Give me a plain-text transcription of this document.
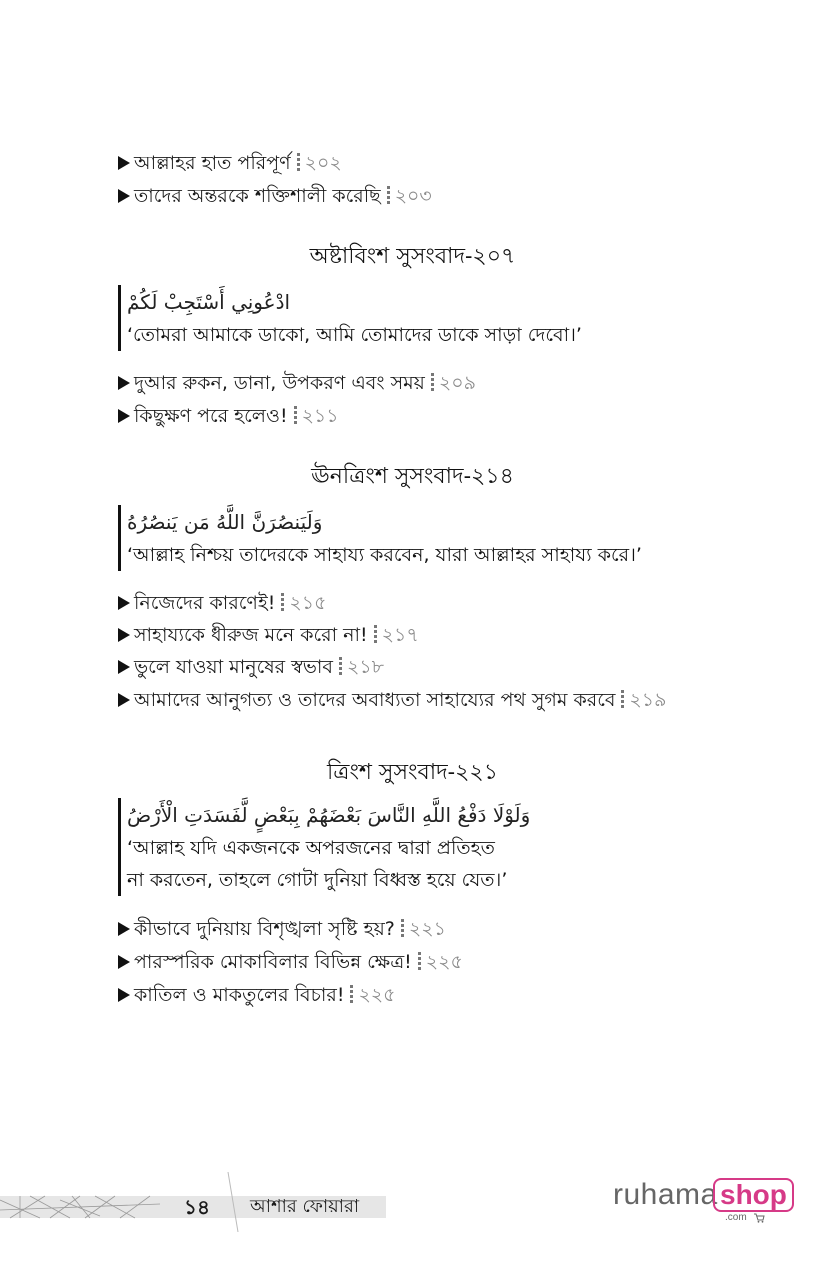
আল্লাহর হাত পরিপূর্ণ ২০২
তাদের অন্তরকে শক্তিশালী করেছি ২০৩
অষ্টাবিংশ সুসংবাদ-২০৭
ادْعُونِي أَسْتَجِبْ لَكُمْ
‘তোমরা আমাকে ডাকো, আমি তোমাদের ডাকে সাড়া দেবো।’
দুআর রুকন, ডানা, উপকরণ এবং সময় ২০৯
কিছুক্ষণ পরে হলেও! ২১১
ঊনত্রিংশ সুসংবাদ-২১৪
وَلَيَنصُرَنَّ اللَّهُ مَن يَنصُرُهُ
‘আল্লাহ নিশ্চয় তাদেরকে সাহায্য করবেন, যারা আল্লাহর সাহায্য করে।’
নিজেদের কারণেই! ২১৫
সাহায্যকে ধীরুজ মনে করো না! ২১৭
ভুলে যাওয়া মানুষের স্বভাব ২১৮
আমাদের আনুগত্য ও তাদের অবাধ্যতা সাহায্যের পথ সুগম করবে ২১৯
ত্রিংশ সুসংবাদ-২২১
وَلَوْلَا دَفْعُ اللَّهِ النَّاسَ بَعْضَهُمْ بِبَعْضٍ لَّفَسَدَتِ الْأَرْضُ
‘আল্লাহ যদি একজনকে অপরজনের দ্বারা প্রতিহত
না করতেন, তাহলে গোটা দুনিয়া বিধ্বস্ত হয়ে যেত।’
কীভাবে দুনিয়ায় বিশৃঙ্খলা সৃষ্টি হয়? ২২১
পারস্পরিক মোকাবিলার বিভিন্ন ক্ষেত্র! ২২৫
কাতিল ও মাকতুলের বিচার! ২২৫
১৪	আশার ফোয়ারা	ruhama shop
.com
